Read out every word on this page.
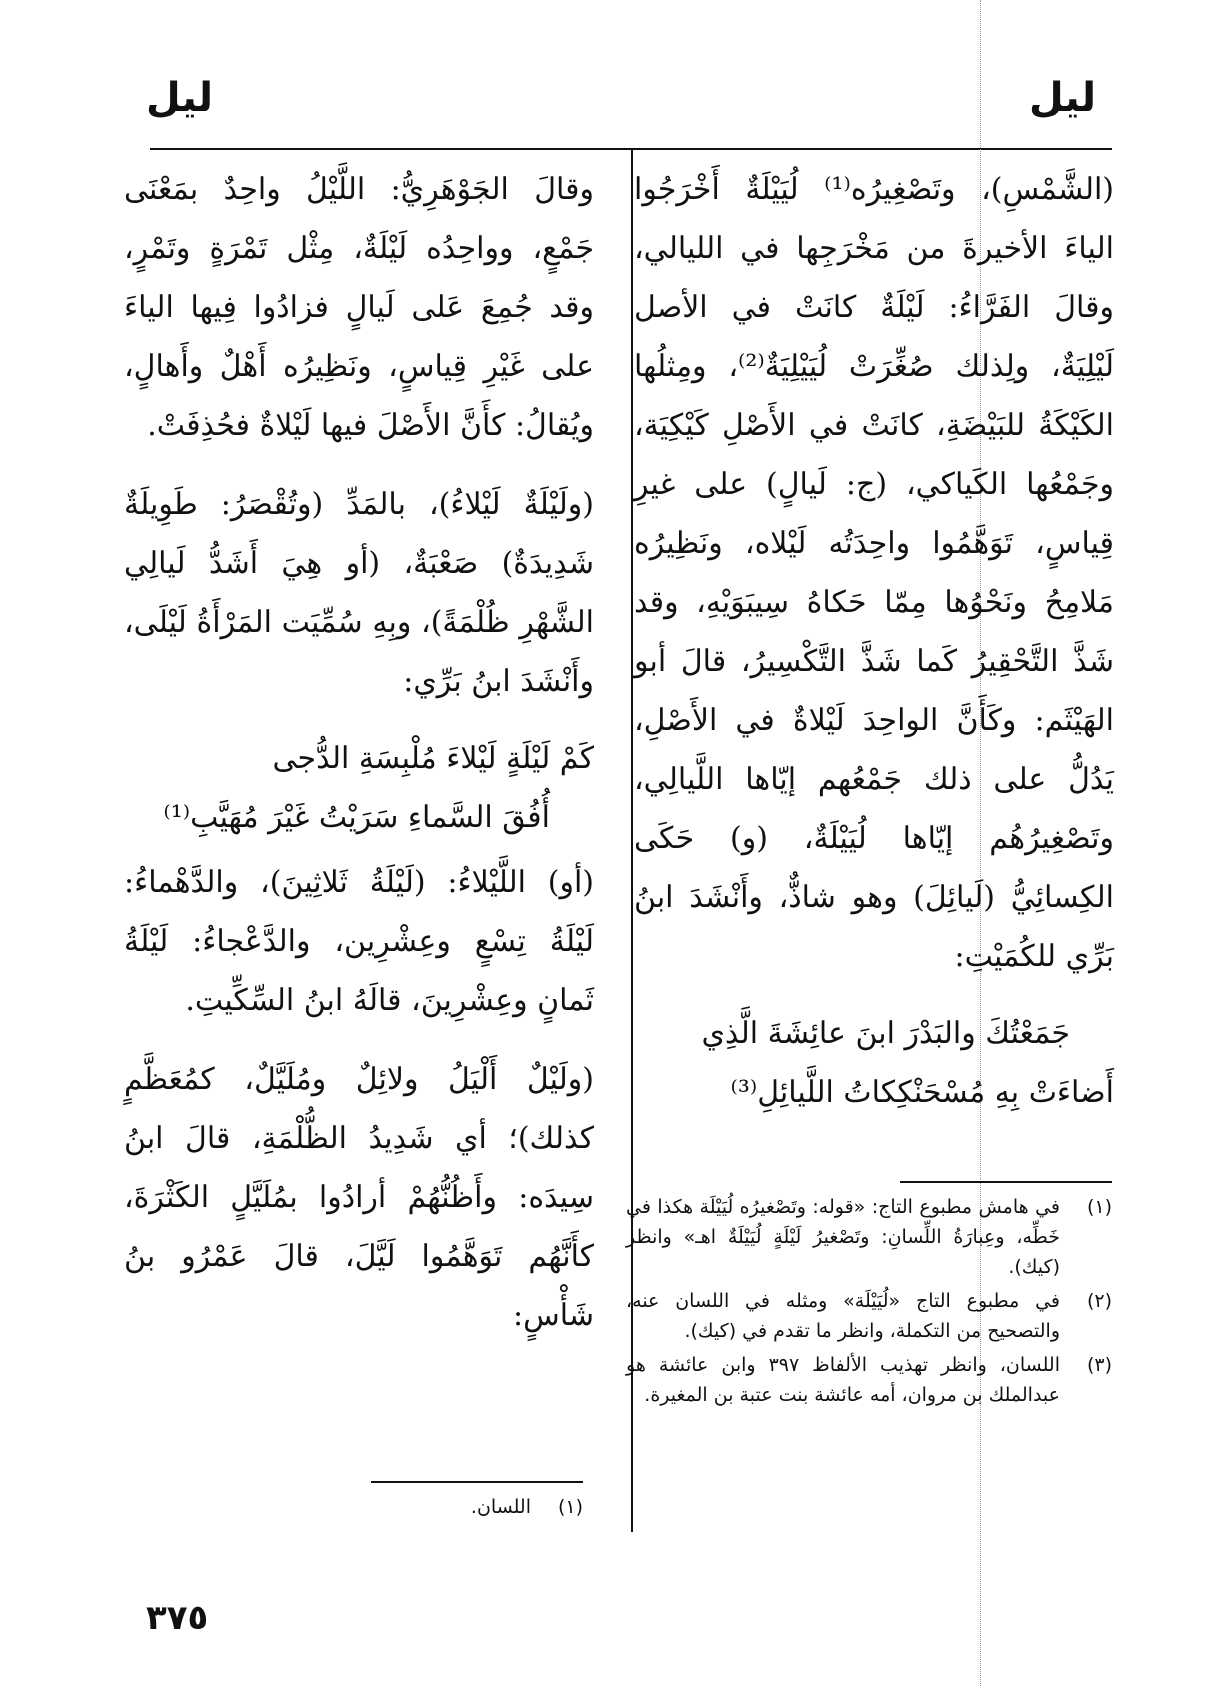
ليل
ليل

(الشَّمْسِ)، وتَصْغِيرُه⁽¹⁾ لُيَيْلَةٌ أَخْرَجُوا الياءَ الأخيرةَ من مَخْرَجِها في الليالي، وقالَ الفَرَّاءُ: لَيْلَةٌ كانَتْ في الأصل لَيْلِيَةٌ، ولِذلك صُغِّرَتْ لُيَيْلِيَةٌ⁽²⁾، ومِثلُها الكَيْكَةُ للبَيْضَةِ، كانَتْ في الأَصْلِ كَيْكِيَة، وجَمْعُها الكَياكي، (ج: لَيالٍ) على غيرِ قِياسٍ، تَوَهَّمُوا واحِدَتُه لَيْلاه، ونَظِيرُه مَلامِحُ ونَحْوُها مِمّا حَكاهُ سِيبَوَيْهِ، وقد شَذَّ التَّحْقِيرُ كَما شَذَّ التَّكْسِيرُ، قالَ أبو الهَيْثَم: وكَأَنَّ الواحِدَ لَيْلاةٌ في الأَصْلِ، يَدُلُّ على ذلك جَمْعُهم إيّاها اللَّيالِي، وتَصْغِيرُهُم إيّاها لُيَيْلَةٌ، (و) حَكَى الكِسائِيُّ (لَيائِلَ) وهو شاذٌّ، وأَنْشَدَ ابنُ بَرِّي للكُمَيْتِ:

جَمَعْتُكَ والبَدْرَ ابنَ عائِشَةَ الَّذِي

أَضاءَتْ بِهِ مُسْحَنْكِكاتُ اللَّيائِلِ⁽³⁾

(١)
في هامش مطبوع التاج: «قوله: وتَصْغيرُه لُيَيْلَة هكذا في خَطِّه، وعِبارَةُ اللِّسانِ: وتَصْغيرُ لَيْلَةٍ لُيَيْلَةٌ اهـ» وانظر (كيك).
(٢)
في مطبوع التاج «لُيَيْلَة» ومثله في اللسان عنه، والتصحيح من التكملة، وانظر ما تقدم في (كيك).
(٣)
اللسان، وانظر تهذيب الألفاظ ٣٩٧ وابن عائشة هو عبدالملك بن مروان، أمه عائشة بنت عتبة بن المغيرة.

وقالَ الجَوْهَرِيُّ: اللَّيْلُ واحِدٌ بمَعْنَى جَمْعٍ، وواحِدُه لَيْلَةٌ، مِثْل تَمْرَةٍ وتَمْرٍ، وقد جُمِعَ عَلى لَيالٍ فزادُوا فِيها الياءَ على غَيْرِ قِياسٍ، ونَظِيرُه أَهْلٌ وأَهالٍ، ويُقالُ: كأَنَّ الأَصْلَ فيها لَيْلاةٌ فحُذِفَتْ.

(ولَيْلَةٌ لَيْلاءُ)، بالمَدِّ (وتُقْصَرُ: طَوِيلَةٌ شَدِيدَةٌ) صَعْبَةٌ، (أو هِيَ أَشَدُّ لَيالِي الشَّهْرِ ظُلْمَةً)، وبِهِ سُمِّيَت المَرْأَةُ لَيْلَى، وأَنْشَدَ ابنُ بَرِّي:

كَمْ لَيْلَةٍ لَيْلاءَ مُلْبِسَةِ الدُّجى

أُفُقَ السَّماءِ سَرَيْتُ غَيْرَ مُهَيَّبِ⁽¹⁾

(أو) اللَّيْلاءُ: (لَيْلَةُ ثَلاثِينَ)، والدَّهْماءُ: لَيْلَةُ تِسْعٍ وعِشْرِين، والدَّعْجاءُ: لَيْلَةُ ثَمانٍ وعِشْرِينَ، قالَهُ ابنُ السِّكِّيتِ.

(ولَيْلٌ أَلْيَلُ ولائِلٌ ومُلَيَّلٌ، كمُعَظَّمٍ كذلك)؛ أي شَدِيدُ الظُّلْمَةِ، قالَ ابنُ سِيدَه: وأَظُنُّهُمْ أرادُوا بمُلَيَّلٍ الكَثْرَةَ، كأَنَّهُم تَوَهَّمُوا لَيَّلَ، قالَ عَمْرُو بنُ شَأْسٍ:

(١)
اللسان.
٣٧٥
